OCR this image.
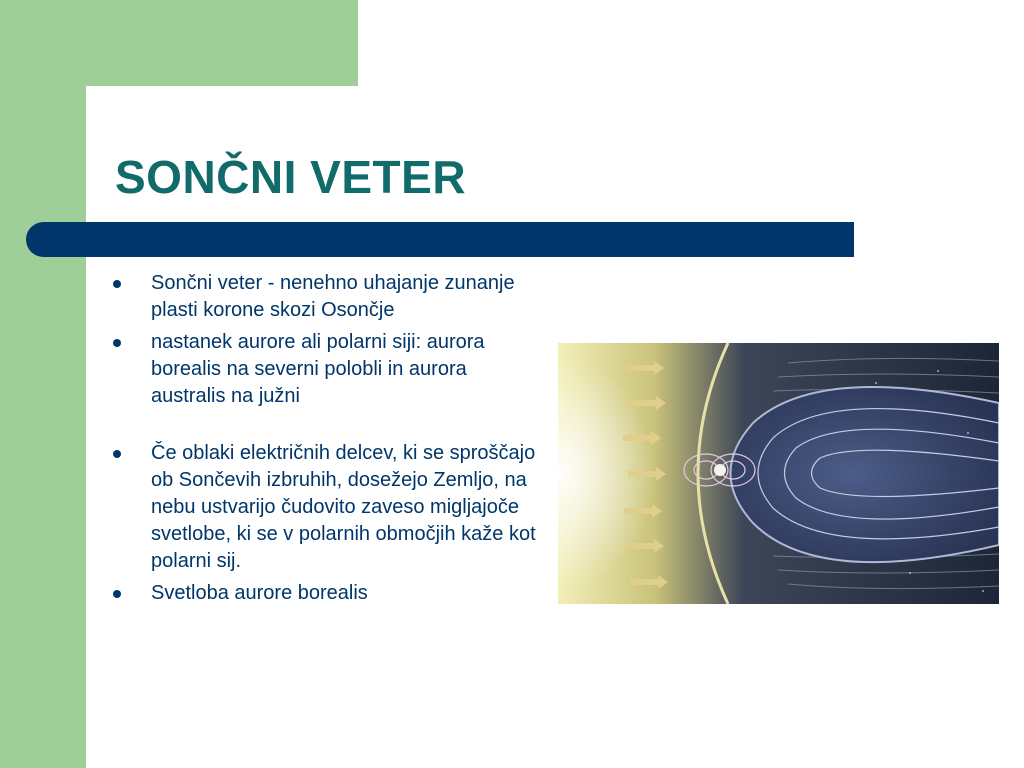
SONČNI VETER
Sončni veter - nenehno uhajanje zunanje plasti korone skozi Osončje
nastanek aurore ali polarni siji: aurora borealis na severni polobli in aurora australis na južni
Če oblaki električnih delcev, ki se sproščajo ob Sončevih izbruhih, dosežejo Zemljo, na nebu ustvarijo čudovito zaveso migljajoče svetlobe, ki se v polarnih območjih kaže kot polarni sij.
Svetloba aurore borealis
